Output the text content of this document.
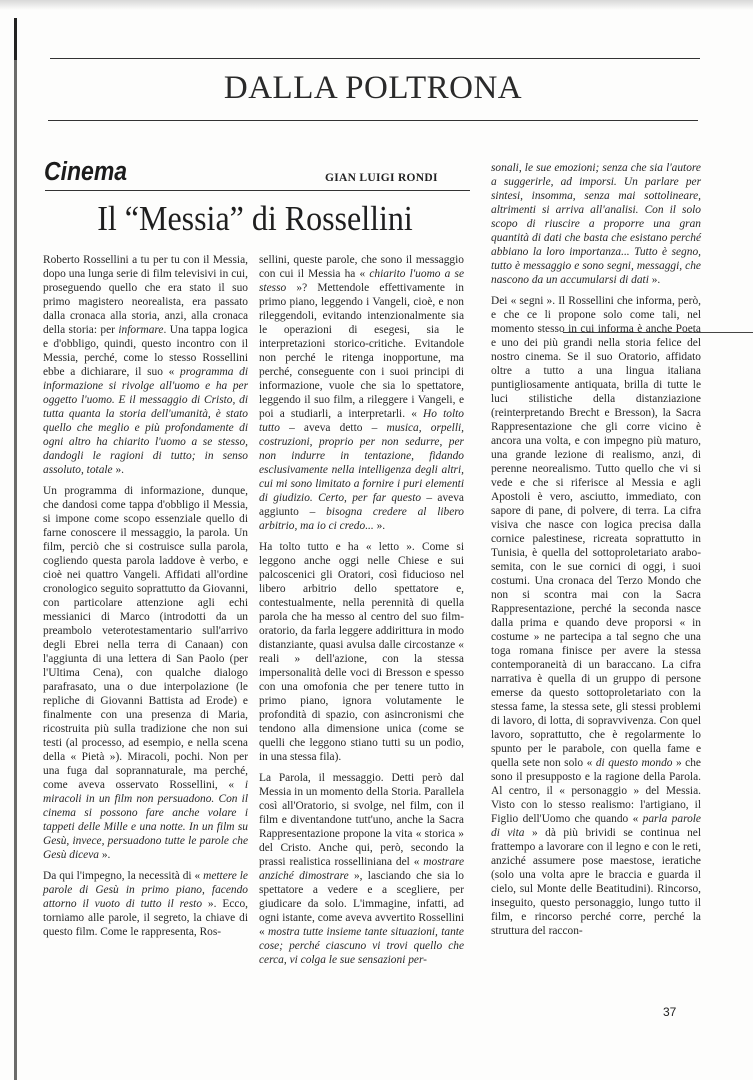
DALLA POLTRONA
Cinema	GIAN LUIGI RONDI
Il “Messia” di Rossellini

Roberto Rossellini a tu per tu con il Messia, dopo una lunga serie di film televisivi in cui, proseguendo quello che era stato il suo primo magistero neorealista, era passato dalla cronaca alla storia, anzi, alla cronaca della storia: per informare. Una tappa logica e d'obbligo, quindi, questo incontro con il Messia, perché, come lo stesso Rossellini ebbe a dichiarare, il suo « programma di informazione si rivolge all'uomo e ha per oggetto l'uomo. E il messaggio di Cristo, di tutta quanta la storia dell'umanità, è stato quello che meglio e più profondamente di ogni altro ha chiarito l'uomo a se stesso, dandogli le ragioni di tutto; in senso assoluto, totale ».

Un programma di informazione, dunque, che dandosi come tappa d'obbligo il Messia, si impone come scopo essenziale quello di farne conoscere il messaggio, la parola. Un film, perciò che si costruisce sulla parola, cogliendo questa parola laddove è verbo, e cioè nei quattro Vangeli. Affidati all'ordine cronologico seguito soprattutto da Giovanni, con particolare attenzione agli echi messianici di Marco (introdotti da un preambolo veterotestamentario sull'arrivo degli Ebrei nella terra di Canaan) con l'aggiunta di una lettera di San Paolo (per l'Ultima Cena), con qualche dialogo parafrasato, una o due interpolazione (le repliche di Giovanni Battista ad Erode) e finalmente con una presenza di Maria, ricostruita più sulla tradizione che non sui testi (al processo, ad esempio, e nella scena della « Pietà »). Miracoli, pochi. Non per una fuga dal soprannaturale, ma perché, come aveva osservato Rossellini, « i miracoli in un film non persuadono. Con il cinema si possono fare anche volare i tappeti delle Mille e una notte. In un film su Gesù, invece, persuadono tutte le parole che Gesù diceva ».

Da qui l'impegno, la necessità di « mettere le parole di Gesù in primo piano, facendo attorno il vuoto di tutto il resto ». Ecco, torniamo alle parole, il segreto, la chiave di questo film. Come le rappresenta, Ros-

sellini, queste parole, che sono il messaggio con cui il Messia ha « chiarito l'uomo a se stesso »? Mettendole effettivamente in primo piano, leggendo i Vangeli, cioè, e non rileggendoli, evitando intenzionalmente sia le operazioni di esegesi, sia le interpretazioni storico-critiche. Evitandole non perché le ritenga inopportune, ma perché, conseguente con i suoi principi di informazione, vuole che sia lo spettatore, leggendo il suo film, a rileggere i Vangeli, e poi a studiarli, a interpretarli. « Ho tolto tutto – aveva detto – musica, orpelli, costruzioni, proprio per non sedurre, per non indurre in tentazione, fidando esclusivamente nella intelligenza degli altri, cui mi sono limitato a fornire i puri elementi di giudizio. Certo, per far questo – aveva aggiunto – bisogna credere al libero arbitrio, ma io ci credo... ».

Ha tolto tutto e ha « letto ». Come si leggono anche oggi nelle Chiese e sui palcoscenici gli Oratori, così fiducioso nel libero arbitrio dello spettatore e, contestualmente, nella perennità di quella parola che ha messo al centro del suo film-oratorio, da farla leggere addirittura in modo distanziante, quasi avulsa dalle circostanze « reali » dell'azione, con la stessa impersonalità delle voci di Bresson e spesso con una omofonia che per tenere tutto in primo piano, ignora volutamente le profondità di spazio, con asincronismi che tendono alla dimensione unica (come se quelli che leggono stiano tutti su un podio, in una stessa fila).

La Parola, il messaggio. Detti però dal Messia in un momento della Storia. Parallela così all'Oratorio, si svolge, nel film, con il film e diventandone tutt'uno, anche la Sacra Rappresentazione propone la vita « storica » del Cristo. Anche qui, però, secondo la prassi realistica rosselliniana del « mostrare anziché dimostrare », lasciando che sia lo spettatore a vedere e a scegliere, per giudicare da solo. L'immagine, infatti, ad ogni istante, come aveva avvertito Rossellini « mostra tutte insieme tante situazioni, tante cose; perché ciascuno vi trovi quello che cerca, vi colga le sue sensazioni per-

sonali, le sue emozioni; senza che sia l'autore a suggerirle, ad imporsi. Un parlare per sintesi, insomma, senza mai sottolineare, altrimenti si arriva all'analisi. Con il solo scopo di riuscire a proporre una gran quantità di dati che basta che esistano perché abbiano la loro importanza... Tutto è segno, tutto è messaggio e sono segni, messaggi, che nascono da un accumularsi di dati ».

Dei « segni ». Il Rossellini che informa, però, e che ce li propone solo come tali, nel momento stesso in cui informa è anche Poeta e uno dei più grandi nella storia felice del nostro cinema. Se il suo Oratorio, affidato oltre a tutto a una lingua italiana puntigliosamente antiquata, brilla di tutte le luci stilistiche della distanziazione (reinterpretando Brecht e Bresson), la Sacra Rappresentazione che gli corre vicino è ancora una volta, e con impegno più maturo, una grande lezione di realismo, anzi, di perenne neorealismo. Tutto quello che vi si vede e che si riferisce al Messia e agli Apostoli è vero, asciutto, immediato, con sapore di pane, di polvere, di terra. La cifra visiva che nasce con logica precisa dalla cornice palestinese, ricreata soprattutto in Tunisia, è quella del sottoproletariato arabo-semita, con le sue cornici di oggi, i suoi costumi. Una cronaca del Terzo Mondo che non si scontra mai con la Sacra Rappresentazione, perché la seconda nasce dalla prima e quando deve proporsi « in costume » ne partecipa a tal segno che una toga romana finisce per avere la stessa contemporaneità di un baraccano. La cifra narrativa è quella di un gruppo di persone emerse da questo sottoproletariato con la stessa fame, la stessa sete, gli stessi problemi di lavoro, di lotta, di sopravvivenza. Con quel lavoro, soprattutto, che è regolarmente lo spunto per le parabole, con quella fame e quella sete non solo « di questo mondo » che sono il presupposto e la ragione della Parola. Al centro, il « personaggio » del Messia. Visto con lo stesso realismo: l'artigiano, il Figlio dell'Uomo che quando « parla parole di vita » dà più brividi se continua nel frattempo a lavorare con il legno e con le reti, anziché assumere pose maestose, ieratiche (solo una volta apre le braccia e guarda il cielo, sul Monte delle Beatitudini). Rincorso, inseguito, questo personaggio, lungo tutto il film, e rincorso perché corre, perché la struttura del raccon-

37
